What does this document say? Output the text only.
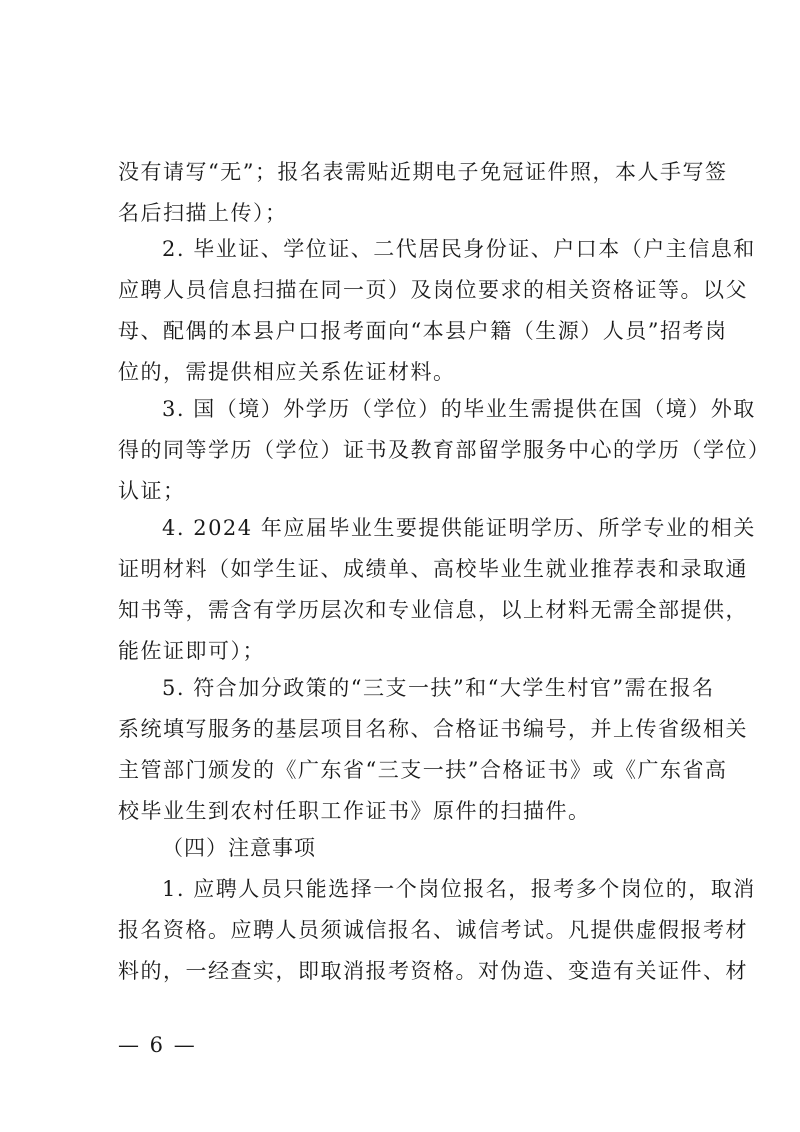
没有请写“无”；报名表需贴近期电子免冠证件照，本人手写签
名后扫描上传）；
2. 毕业证、学位证、二代居民身份证、户口本（户主信息和
应聘人员信息扫描在同一页）及岗位要求的相关资格证等。以父
母、配偶的本县户口报考面向“本县户籍（生源）人员”招考岗
位的，需提供相应关系佐证材料。
3. 国（境）外学历（学位）的毕业生需提供在国（境）外取
得的同等学历（学位）证书及教育部留学服务中心的学历（学位）
认证；
4. 2024 年应届毕业生要提供能证明学历、所学专业的相关
证明材料（如学生证、成绩单、高校毕业生就业推荐表和录取通
知书等，需含有学历层次和专业信息，以上材料无需全部提供，
能佐证即可）；
5. 符合加分政策的“三支一扶”和“大学生村官”需在报名
系统填写服务的基层项目名称、合格证书编号，并上传省级相关
主管部门颁发的《广东省“三支一扶”合格证书》或《广东省高
校毕业生到农村任职工作证书》原件的扫描件。
（四）注意事项
1. 应聘人员只能选择一个岗位报名，报考多个岗位的，取消
报名资格。应聘人员须诚信报名、诚信考试。凡提供虚假报考材
料的，一经查实，即取消报考资格。对伪造、变造有关证件、材
— 6 —
